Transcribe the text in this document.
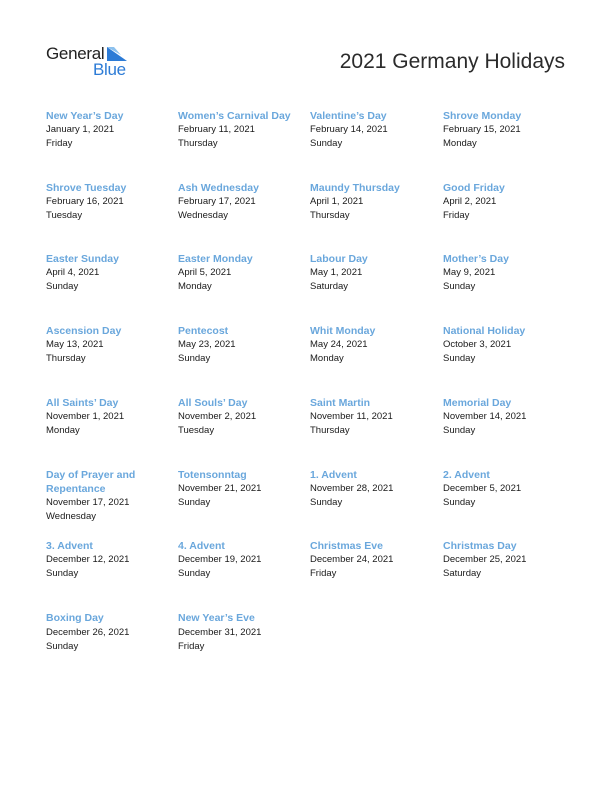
General
Blue	2021 Germany Holidays
New Year’s Day
January 1, 2021
Friday
Women’s Carnival Day
February 11, 2021
Thursday
Valentine’s Day
February 14, 2021
Sunday
Shrove Monday
February 15, 2021
Monday
Shrove Tuesday
February 16, 2021
Tuesday
Ash Wednesday
February 17, 2021
Wednesday
Maundy Thursday
April 1, 2021
Thursday
Good Friday
April 2, 2021
Friday
Easter Sunday
April 4, 2021
Sunday
Easter Monday
April 5, 2021
Monday
Labour Day
May 1, 2021
Saturday
Mother’s Day
May 9, 2021
Sunday
Ascension Day
May 13, 2021
Thursday
Pentecost
May 23, 2021
Sunday
Whit Monday
May 24, 2021
Monday
National Holiday
October 3, 2021
Sunday
All Saints’ Day
November 1, 2021
Monday
All Souls’ Day
November 2, 2021
Tuesday
Saint Martin
November 11, 2021
Thursday
Memorial Day
November 14, 2021
Sunday
Day of Prayer and Repentance
November 17, 2021
Wednesday
Totensonntag
November 21, 2021
Sunday
1. Advent
November 28, 2021
Sunday
2. Advent
December 5, 2021
Sunday
3. Advent
December 12, 2021
Sunday
4. Advent
December 19, 2021
Sunday
Christmas Eve
December 24, 2021
Friday
Christmas Day
December 25, 2021
Saturday
Boxing Day
December 26, 2021
Sunday
New Year’s Eve
December 31, 2021
Friday
